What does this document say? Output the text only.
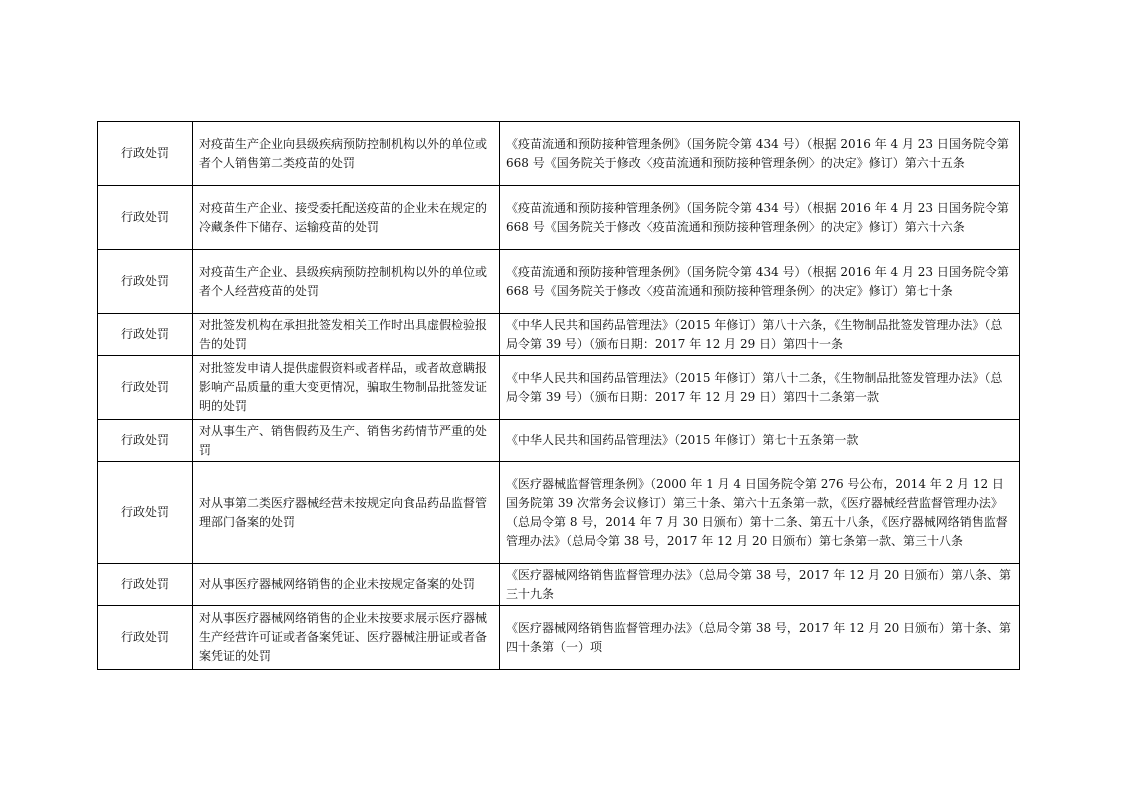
行政处罚	对疫苗生产企业向县级疾病预防控制机构以外的单位或者个人销售第二类疫苗的处罚	《疫苗流通和预防接种管理条例》（国务院令第 434 号）（根据 2016 年 4 月 23 日国务院令第 668 号《国务院关于修改〈疫苗流通和预防接种管理条例〉的决定》修订）第六十五条
行政处罚	对疫苗生产企业、接受委托配送疫苗的企业未在规定的冷藏条件下储存、运输疫苗的处罚	《疫苗流通和预防接种管理条例》（国务院令第 434 号）（根据 2016 年 4 月 23 日国务院令第 668 号《国务院关于修改〈疫苗流通和预防接种管理条例〉的决定》修订）第六十六条
行政处罚	对疫苗生产企业、县级疾病预防控制机构以外的单位或者个人经营疫苗的处罚	《疫苗流通和预防接种管理条例》（国务院令第 434 号）（根据 2016 年 4 月 23 日国务院令第 668 号《国务院关于修改〈疫苗流通和预防接种管理条例〉的决定》修订）第七十条
行政处罚	对批签发机构在承担批签发相关工作时出具虚假检验报告的处罚	《中华人民共和国药品管理法》（2015 年修订）第八十六条，《生物制品批签发管理办法》（总局令第 39 号）（颁布日期：2017 年 12 月 29 日）第四十一条
行政处罚	对批签发申请人提供虚假资料或者样品，或者故意瞒报影响产品质量的重大变更情况，骗取生物制品批签发证明的处罚	《中华人民共和国药品管理法》（2015 年修订）第八十二条，《生物制品批签发管理办法》（总局令第 39 号）（颁布日期：2017 年 12 月 29 日）第四十二条第一款
行政处罚	对从事生产、销售假药及生产、销售劣药情节严重的处罚	《中华人民共和国药品管理法》（2015 年修订）第七十五条第一款
行政处罚	对从事第二类医疗器械经营未按规定向食品药品监督管理部门备案的处罚	《医疗器械监督管理条例》（2000 年 1 月 4 日国务院令第 276 号公布，2014 年 2 月 12 日国务院第 39 次常务会议修订）第三十条、第六十五条第一款，《医疗器械经营监督管理办法》（总局令第 8 号，2014 年 7 月 30 日颁布）第十二条、第五十八条，《医疗器械网络销售监督管理办法》（总局令第 38 号，2017 年 12 月 20 日颁布）第七条第一款、第三十八条
行政处罚	对从事医疗器械网络销售的企业未按规定备案的处罚	《医疗器械网络销售监督管理办法》（总局令第 38 号，2017 年 12 月 20 日颁布）第八条、第三十九条
行政处罚	对从事医疗器械网络销售的企业未按要求展示医疗器械生产经营许可证或者备案凭证、医疗器械注册证或者备案凭证的处罚	《医疗器械网络销售监督管理办法》（总局令第 38 号，2017 年 12 月 20 日颁布）第十条、第四十条第（一）项
